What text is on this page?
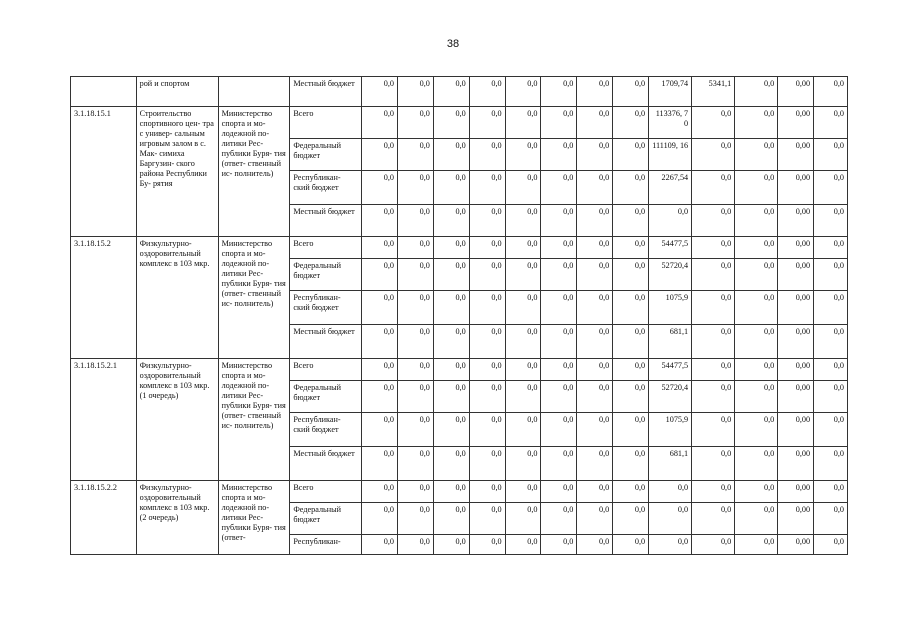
38
	рой и спортом		Местный бюджет	0,0	0,0	0,0	0,0	0,0	0,0	0,0	0,0	1709,74	5341,1	0,0	0,00	0,0
3.1.18.15.1	Строительство спортивного цен- тра с универ- сальным игровым залом в с. Мак- симиха Баргузин- ского района Республики Бу- рятия	Министерство спорта и мо- лодежной по- литики Рес- публики Буря- тия (ответ- ственный ис- полнитель)	Всего	0,0	0,0	0,0	0,0	0,0	0,0	0,0	0,0	113376, 70	0,0	0,0	0,00	0,0
			Федеральный бюджет	0,0	0,0	0,0	0,0	0,0	0,0	0,0	0,0	111109, 16	0,0	0,0	0,00	0,0
			Республикан- ский бюджет	0,0	0,0	0,0	0,0	0,0	0,0	0,0	0,0	2267,54	0,0	0,0	0,00	0,0
			Местный бюджет	0,0	0,0	0,0	0,0	0,0	0,0	0,0	0,0	0,0	0,0	0,0	0,00	0,0
3.1.18.15.2	Физкультурно- оздоровительный комплекс в 103 мкр.	Министерство спорта и мо- лодежной по- литики Рес- публики Буря- тия (ответ- ственный ис- полнитель)	Всего	0,0	0,0	0,0	0,0	0,0	0,0	0,0	0,0	54477,5	0,0	0,0	0,00	0,0
			Федеральный бюджет	0,0	0,0	0,0	0,0	0,0	0,0	0,0	0,0	52720,4	0,0	0,0	0,00	0,0
			Республикан- ский бюджет	0,0	0,0	0,0	0,0	0,0	0,0	0,0	0,0	1075,9	0,0	0,0	0,00	0,0
			Местный бюджет	0,0	0,0	0,0	0,0	0,0	0,0	0,0	0,0	681,1	0,0	0,0	0,00	0,0
3.1.18.15.2.1	Физкультурно- оздоровительный комплекс в 103 мкр. (1 очередь)	Министерство спорта и мо- лодежной по- литики Рес- публики Буря- тия (ответ- ственный ис- полнитель)	Всего	0,0	0,0	0,0	0,0	0,0	0,0	0,0	0,0	54477,5	0,0	0,0	0,00	0,0
			Федеральный бюджет	0,0	0,0	0,0	0,0	0,0	0,0	0,0	0,0	52720,4	0,0	0,0	0,00	0,0
			Республикан- ский бюджет	0,0	0,0	0,0	0,0	0,0	0,0	0,0	0,0	1075,9	0,0	0,0	0,00	0,0
			Местный бюджет	0,0	0,0	0,0	0,0	0,0	0,0	0,0	0,0	681,1	0,0	0,0	0,00	0,0
3.1.18.15.2.2	Физкультурно- оздоровительный комплекс в 103 мкр. (2 очередь)	Министерство спорта и мо- лодежной по- литики Рес- публики Буря- тия (ответ-	Всего	0,0	0,0	0,0	0,0	0,0	0,0	0,0	0,0	0,0	0,0	0,0	0,00	0,0
			Федеральный бюджет	0,0	0,0	0,0	0,0	0,0	0,0	0,0	0,0	0,0	0,0	0,0	0,00	0,0
			Республикан-	0,0	0,0	0,0	0,0	0,0	0,0	0,0	0,0	0,0	0,0	0,0	0,00	0,0
